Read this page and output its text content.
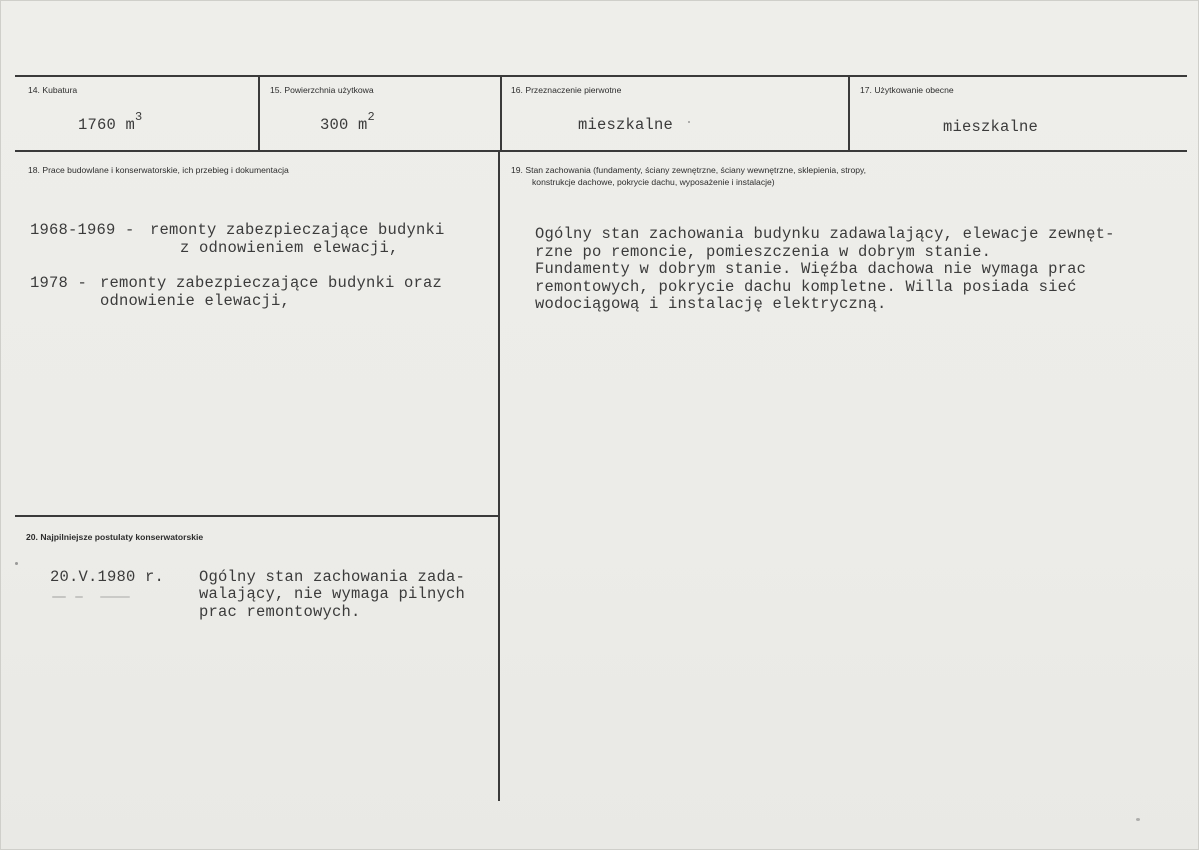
14. Kubatura
1760 $m^3$
15. Powierzchnia użytkowa
300 $m^2$
16. Przeznaczenie pierwotne
mieszkalne
17. Użytkowanie obecne
mieszkalne
18. Prace budowlane i konserwatorskie, ich przebieg i dokumentacja
1968-1969 - remonty zabezpieczające budynki
z odnowieniem elewacji,
1978 - remonty zabezpieczające budynki oraz
odnowienie elewacji,
19. Stan zachowania (fundamenty, ściany zewnętrzne, ściany wewnętrzne, sklepienia, stropy,
konstrukcje dachowe, pokrycie dachu, wyposażenie i instalacje)
Ogólny stan zachowania budynku zadawalający, elewacje zewnęt-
rzne po remoncie, pomieszczenia w dobrym stanie.
Fundamenty w dobrym stanie. Więźba dachowa nie wymaga prac
remontowych, pokrycie dachu kompletne. Willa posiada sieć
wodociągową i instalację elektryczną.
20. Najpilniejsze postulaty konserwatorskie
20.V.1980 r. Ogólny stan zachowania zada-
walający, nie wymaga pilnych
prac remontowych.
